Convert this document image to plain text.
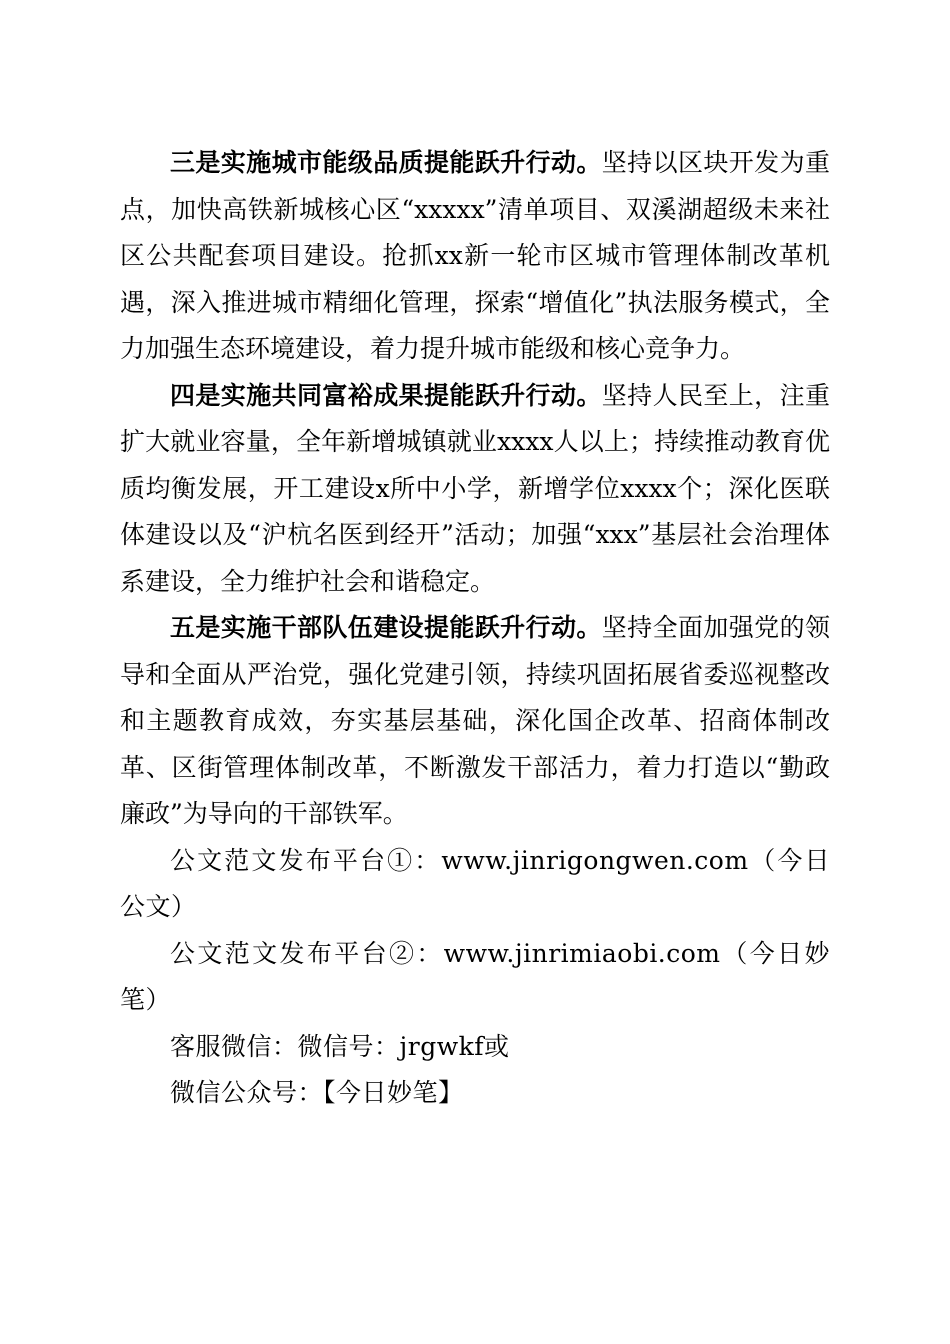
三是实施城市能级品质提能跃升行动。坚持以区块开发为重点，加快高铁新城核心区“xxxxx”清单项目、双溪湖超级未来社区公共配套项目建设。抢抓xx新一轮市区城市管理体制改革机遇，深入推进城市精细化管理，探索“增值化”执法服务模式，全力加强生态环境建设，着力提升城市能级和核心竞争力。

四是实施共同富裕成果提能跃升行动。坚持人民至上，注重扩大就业容量，全年新增城镇就业xxxx人以上；持续推动教育优质均衡发展，开工建设x所中小学，新增学位xxxx个；深化医联体建设以及“沪杭名医到经开”活动；加强“xxx”基层社会治理体系建设，全力维护社会和谐稳定。

五是实施干部队伍建设提能跃升行动。坚持全面加强党的领导和全面从严治党，强化党建引领，持续巩固拓展省委巡视整改和主题教育成效，夯实基层基础，深化国企改革、招商体制改革、区街管理体制改革，不断激发干部活力，着力打造以“勤政廉政”为导向的干部铁军。

公文范文发布平台①：www.jinrigongwen.com（今日公文）

公文范文发布平台②：www.jinrimiaobi.com（今日妙笔）

客服微信：微信号：jrgwkf或

微信公众号：【今日妙笔】
